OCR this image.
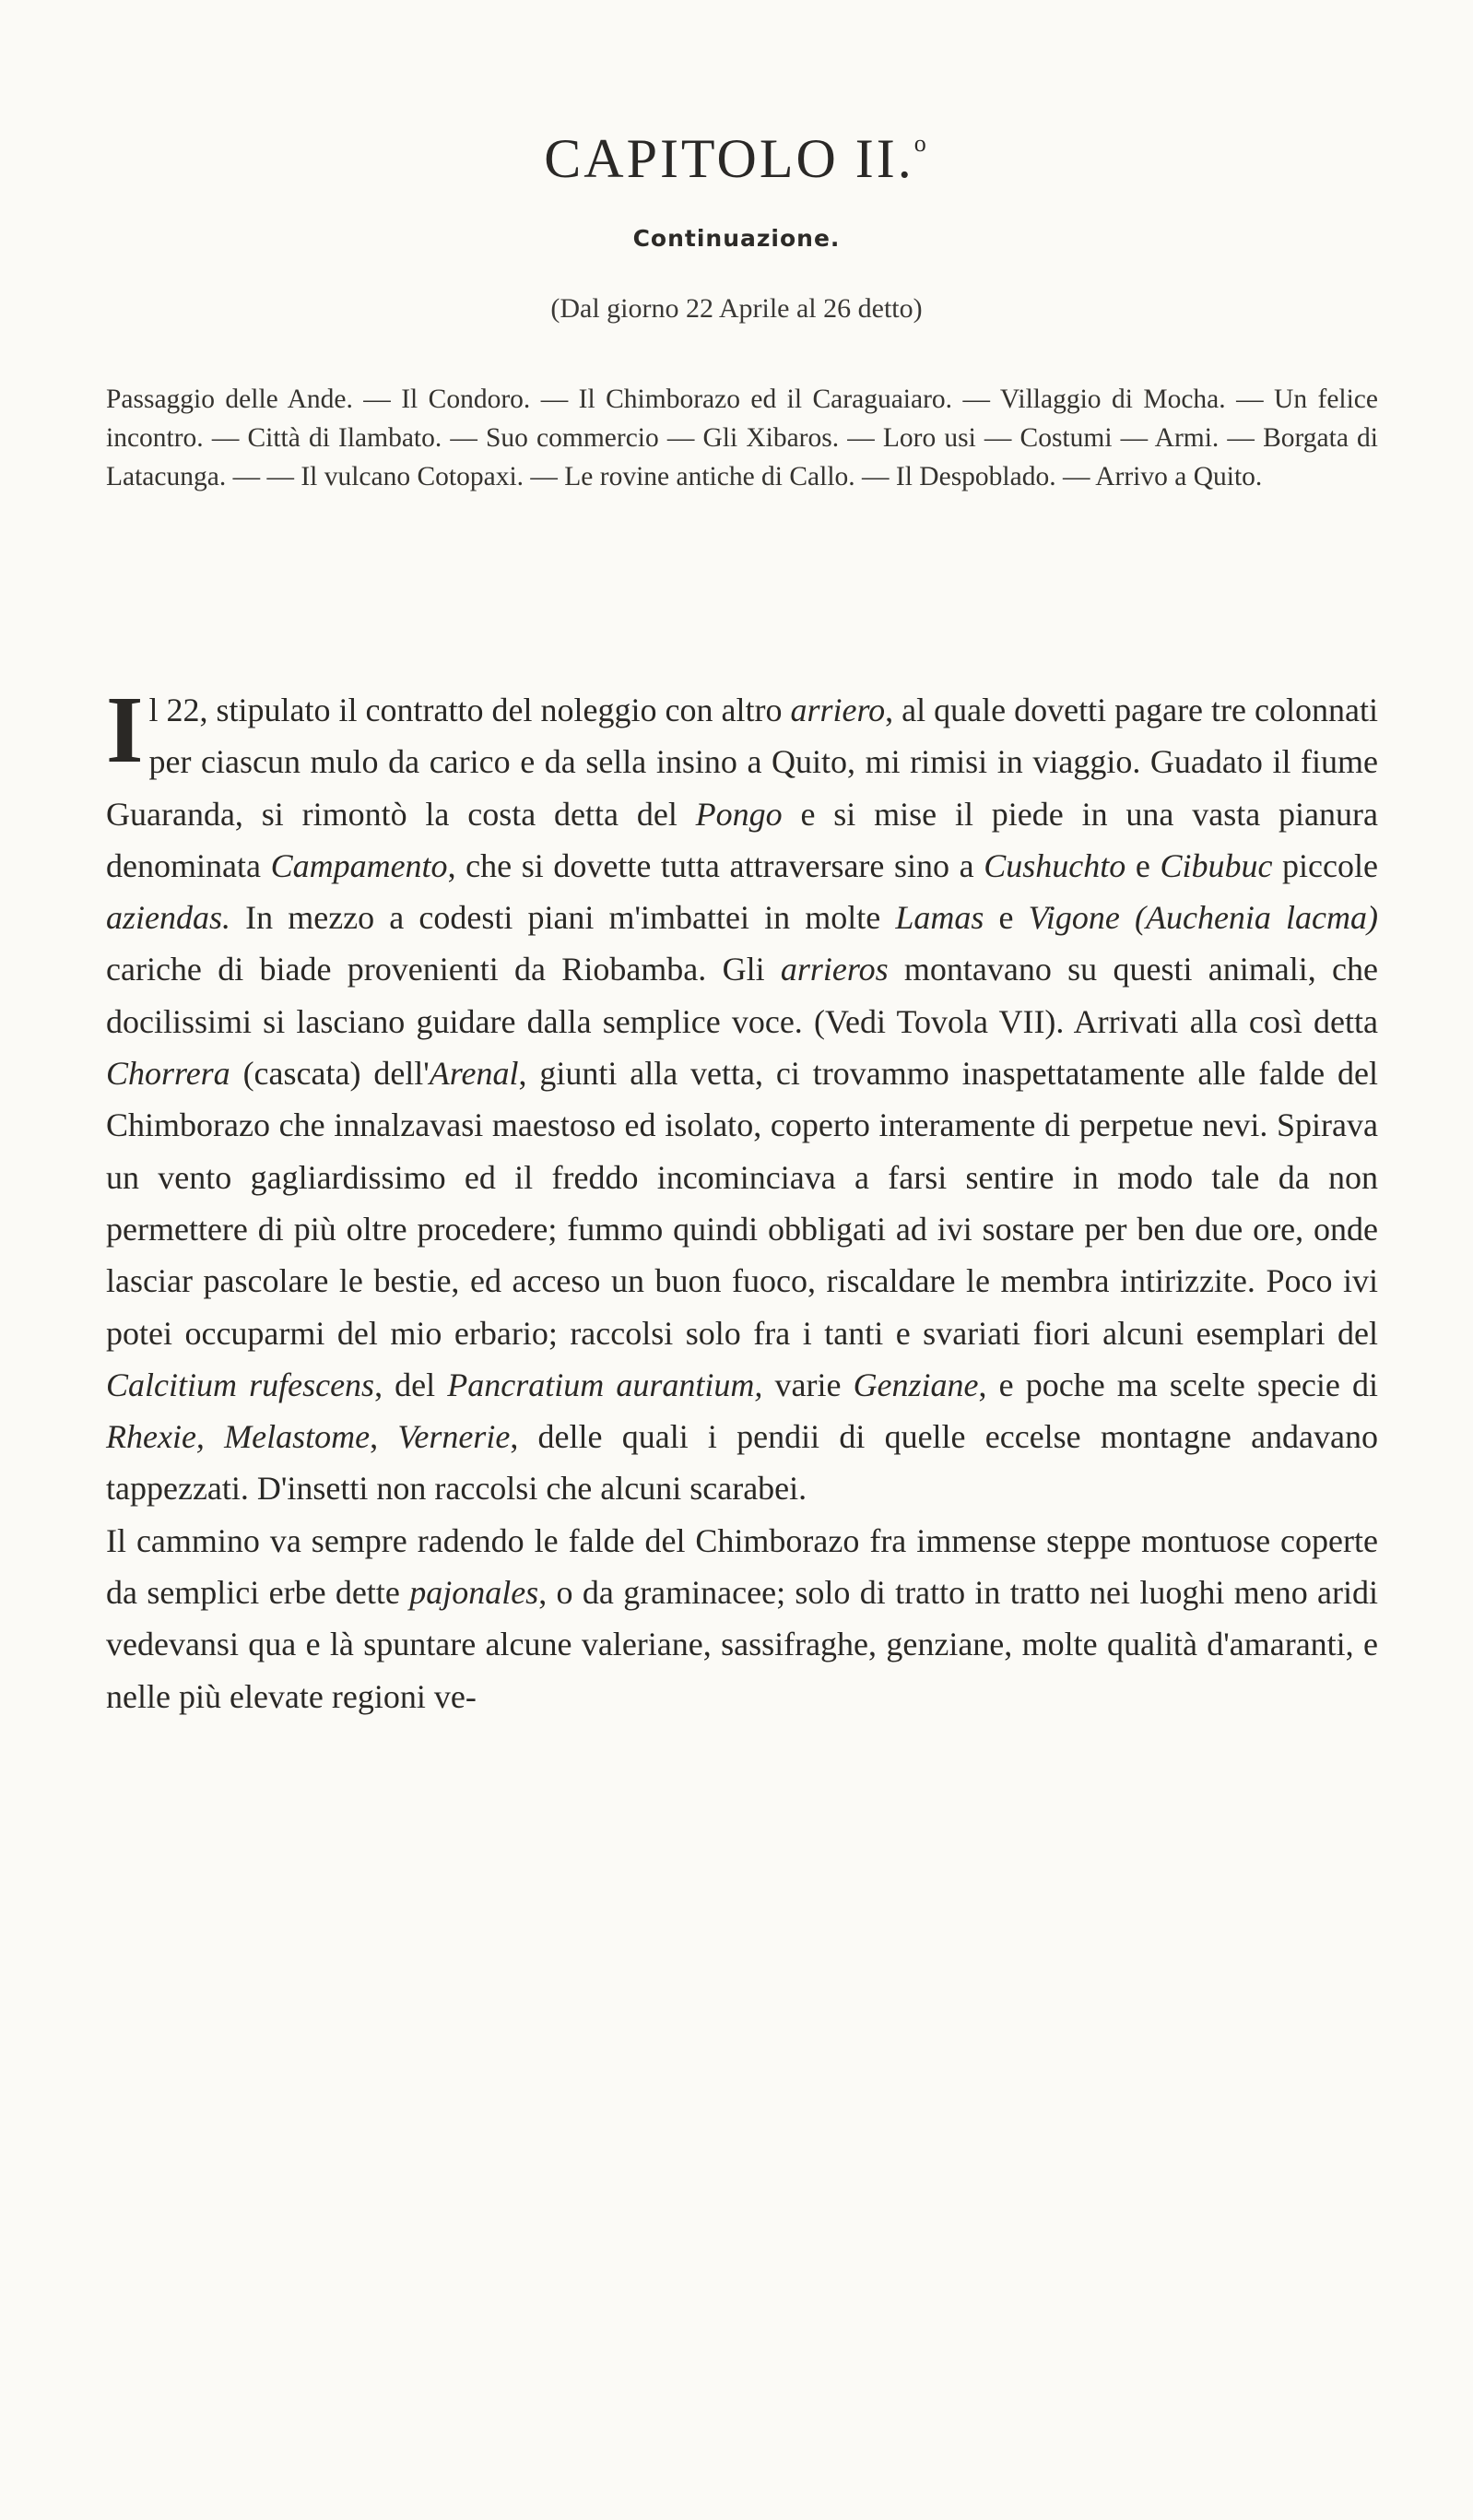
CAPITOLO II.$^o$
Continuazione.
(Dal giorno 22 Aprile al 26 detto)
Passaggio delle Ande. — Il Condoro. — Il Chimborazo ed il Caraguaiaro. — Villaggio di Mocha. — Un felice incontro. — Città di Ilambato. — Suo commercio — Gli Xibaros. — Loro usi — Costumi — Armi. — Borgata di Latacunga. — — Il vulcano Cotopaxi. — Le rovine antiche di Callo. — Il Despoblado. — Arrivo a Quito.

Il 22, stipulato il contratto del noleggio con altro arriero, al quale dovetti pagare tre colonnati per ciascun mulo da carico e da sella insino a Quito, mi rimisi in viaggio. Guadato il fiume Guaranda, si rimontò la costa detta del Pongo e si mise il piede in una vasta pianura denominata Campamento, che si dovette tutta attraversare sino a Cushuchto e Cibubuc piccole aziendas. In mezzo a codesti piani m'imbattei in molte Lamas e Vigone (Auchenia lacma) cariche di biade provenienti da Riobamba. Gli arrieros montavano su questi animali, che docilissimi si lasciano guidare dalla semplice voce. (Vedi Tovola VII). Arrivati alla così detta Chorrera (cascata) dell'Arenal, giunti alla vetta, ci trovammo inaspettatamente alle falde del Chimborazo che innalzavasi maestoso ed isolato, coperto interamente di perpetue nevi. Spirava un vento gagliardissimo ed il freddo incominciava a farsi sentire in modo tale da non permettere di più oltre procedere; fummo quindi obbligati ad ivi sostare per ben due ore, onde lasciar pascolare le bestie, ed acceso un buon fuoco, riscaldare le membra intirizzite. Poco ivi potei occuparmi del mio erbario; raccolsi solo fra i tanti e svariati fiori alcuni esemplari del Calcitium rufescens, del Pancratium aurantium, varie Genziane, e poche ma scelte specie di Rhexie, Melastome, Vernerie, delle quali i pendii di quelle eccelse montagne andavano tappezzati. D'insetti non raccolsi che alcuni scarabei.

Il cammino va sempre radendo le falde del Chimborazo fra immense steppe montuose coperte da semplici erbe dette pajonales, o da graminacee; solo di tratto in tratto nei luoghi meno aridi vedevansi qua e là spuntare alcune valeriane, sassifraghe, genziane, molte qualità d'amaranti, e nelle più elevate regioni ve-
